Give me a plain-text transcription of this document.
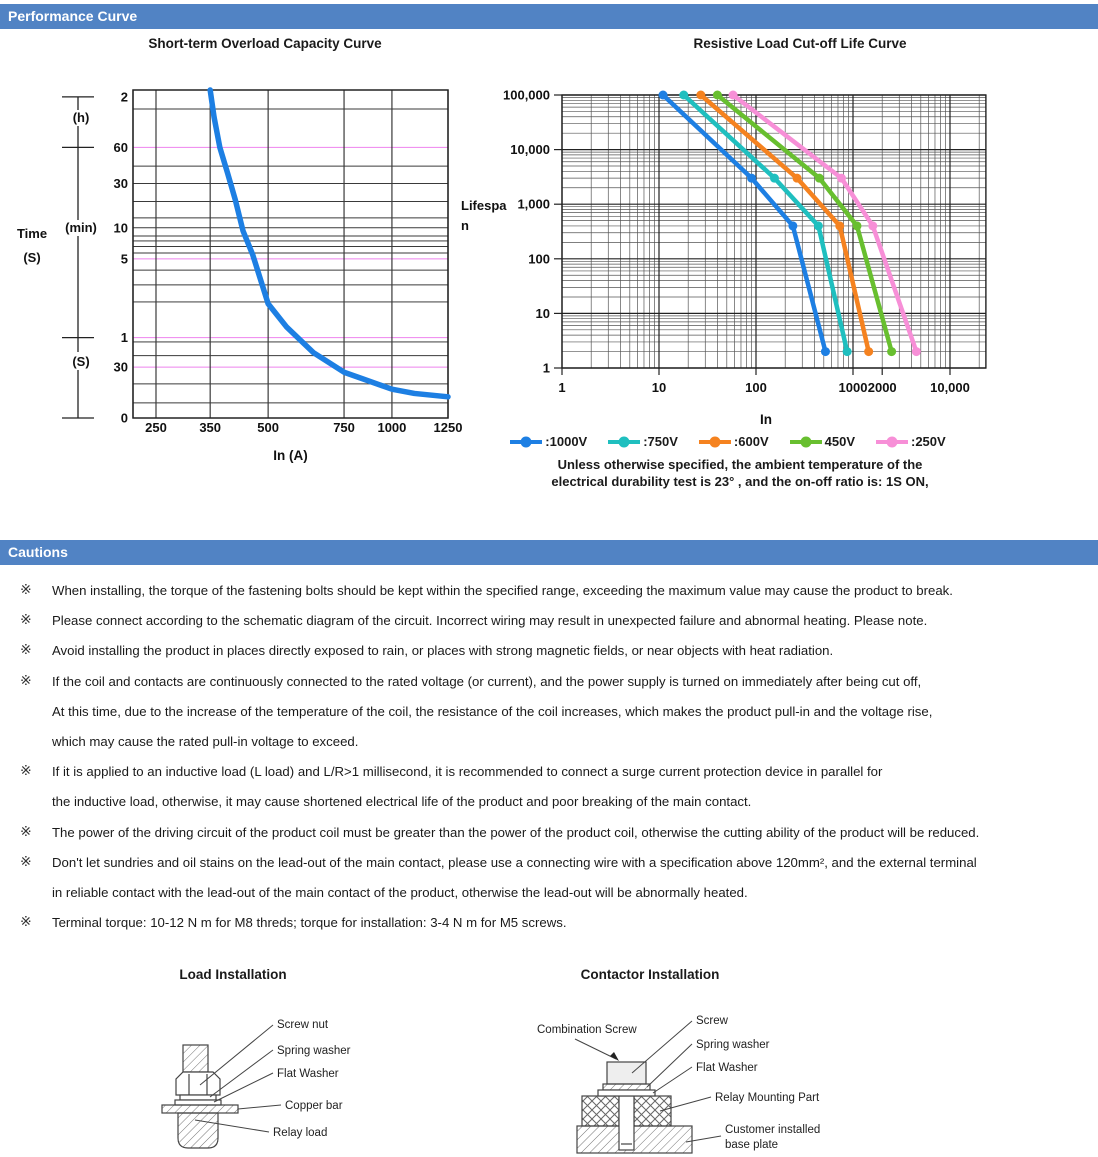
Performance Curve
Short-term Overload Capacity Curve	Resistive Load Cut-off Life Curve
2
60
30
10
5
1
30
0
(h)
(min)
(S)
Time
(S)
250 350	500	750 1000 1250
In (A)
100,000
10,000
1,000
100
10
1
1	10	100	1000 2000	10,000
Lifespa
n
In
:1000V	:750V	:600V	450V	:250V
Unless otherwise specified, the ambient temperature of the
electrical durability test is 23° , and the on-off ratio is: 1S ON,
Cautions
※ When installing, the torque of the fastening bolts should be kept within the specified range, exceeding the maximum value may cause the product to break.
※ Please connect according to the schematic diagram of the circuit. Incorrect wiring may result in unexpected failure and abnormal heating. Please note.
※ Avoid installing the product in places directly exposed to rain, or places with strong magnetic fields, or near objects with heat radiation.
※ If the coil and contacts are continuously connected to the rated voltage (or current), and the power supply is turned on immediately after being cut off,
At this time, due to the increase of the temperature of the coil, the resistance of the coil increases, which makes the product pull-in and the voltage rise,
which may cause the rated pull-in voltage to exceed.
※ If it is applied to an inductive load (L load) and L/R>1 millisecond, it is recommended to connect a surge current protection device in parallel for
the inductive load, otherwise, it may cause shortened electrical life of the product and poor breaking of the main contact.
※ The power of the driving circuit of the product coil must be greater than the power of the product coil, otherwise the cutting ability of the product will be reduced.
※ Don't let sundries and oil stains on the lead-out of the main contact, please use a connecting wire with a specification above 120mm², and the external terminal
in reliable contact with the lead-out of the main contact of the product, otherwise the lead-out will be abnormally heated.
※ Terminal torque: 10-12 N m for M8 threds; torque for installation: 3-4 N m for M5 screws.
Load Installation	Contactor Installation
Screw nut
Spring washer
Flat Washer
Copper bar
Relay load
Combination Screw
Screw
Spring washer
Flat Washer
Relay Mounting Part
Customer installed
base plate
